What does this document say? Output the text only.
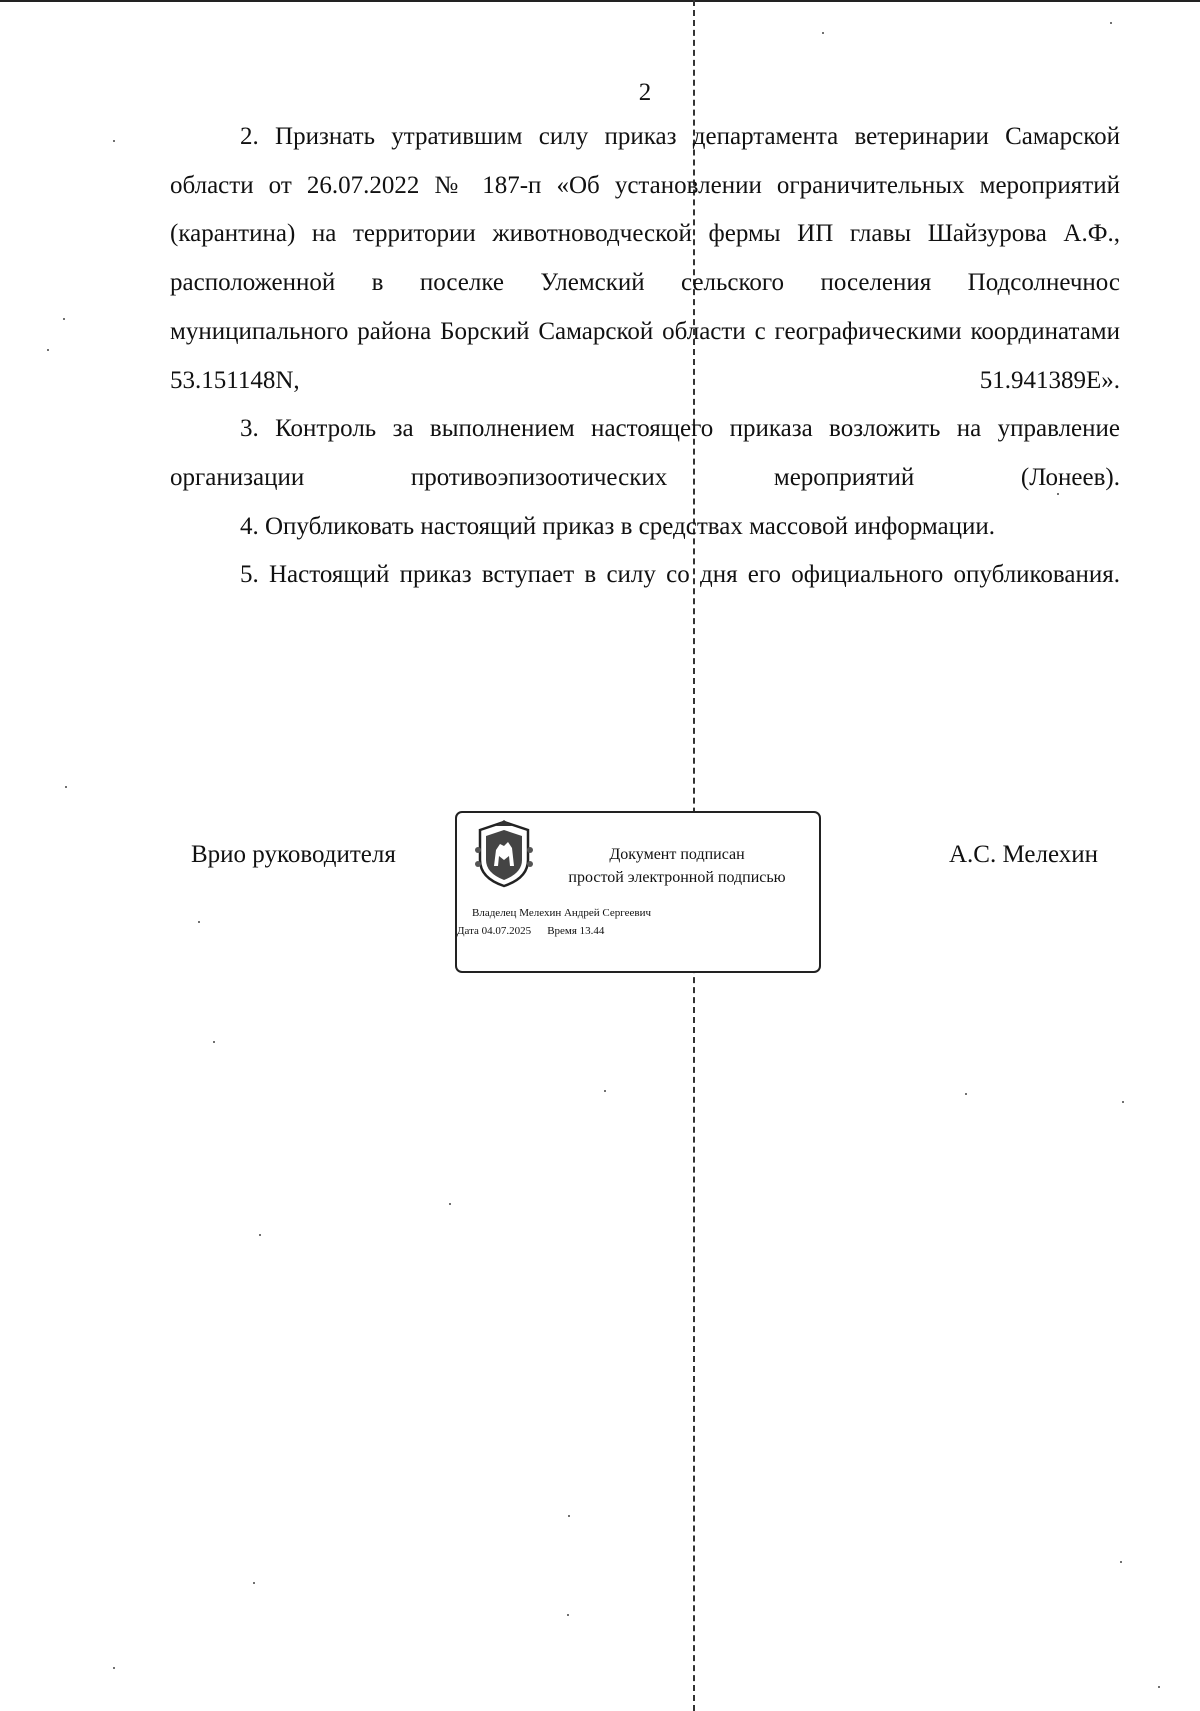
2

2. Признать утратившим силу приказ департамента ветеринарии Самарской области от 26.07.2022 № 187-п «Об установлении ограничительных мероприятий (карантина) на территории животноводческой фермы ИП главы Шайзурова А.Ф., расположенной в поселке Улемский сельского поселения Подсолнечнос муниципального района Борский Самарской области с географическими координатами 53.151148N, 51.941389E».

3. Контроль за выполнением настоящего приказа возложить на управление организации противоэпизоотических мероприятий (Лонеев).

4. Опубликовать настоящий приказ в средствах массовой информации.

5. Настоящий приказ вступает в силу со дня его официального опубликования.

Врио руководителя	Документ подписан
простой электронной подписью
Владелец Мелехин Андрей Сергеевич
Дата 04.07.2025 Время 13.44
А.С. Мелехин
